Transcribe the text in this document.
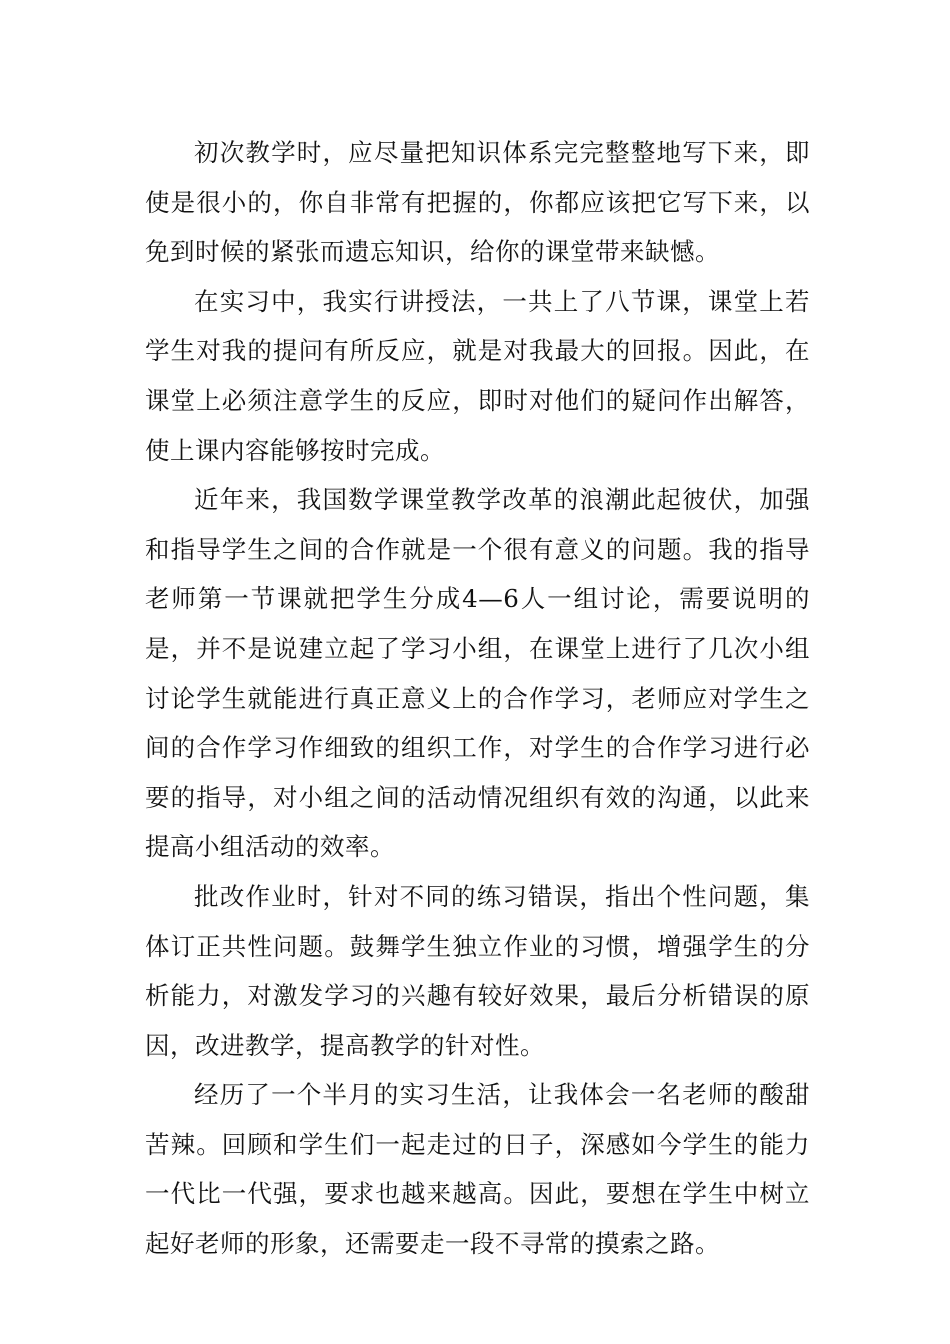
初次教学时，应尽量把知识体系完完整整地写下来，即使是很小的，你自非常有把握的，你都应该把它写下来，以免到时候的紧张而遗忘知识，给你的课堂带来缺憾。

在实习中，我实行讲授法，一共上了八节课，课堂上若学生对我的提问有所反应，就是对我最大的回报。因此，在课堂上必须注意学生的反应，即时对他们的疑问作出解答，使上课内容能够按时完成。

近年来，我国数学课堂教学改革的浪潮此起彼伏，加强和指导学生之间的合作就是一个很有意义的问题。我的指导老师第一节课就把学生分成4—6人一组讨论，需要说明的是，并不是说建立起了学习小组，在课堂上进行了几次小组讨论学生就能进行真正意义上的合作学习，老师应对学生之间的合作学习作细致的组织工作，对学生的合作学习进行必要的指导，对小组之间的活动情况组织有效的沟通，以此来提高小组活动的效率。

批改作业时，针对不同的练习错误，指出个性问题，集体订正共性问题。鼓舞学生独立作业的习惯，增强学生的分析能力，对激发学习的兴趣有较好效果，最后分析错误的原因，改进教学，提高教学的针对性。

经历了一个半月的实习生活，让我体会一名老师的酸甜苦辣。回顾和学生们一起走过的日子，深感如今学生的能力一代比一代强，要求也越来越高。因此，要想在学生中树立起好老师的形象，还需要走一段不寻常的摸索之路。
